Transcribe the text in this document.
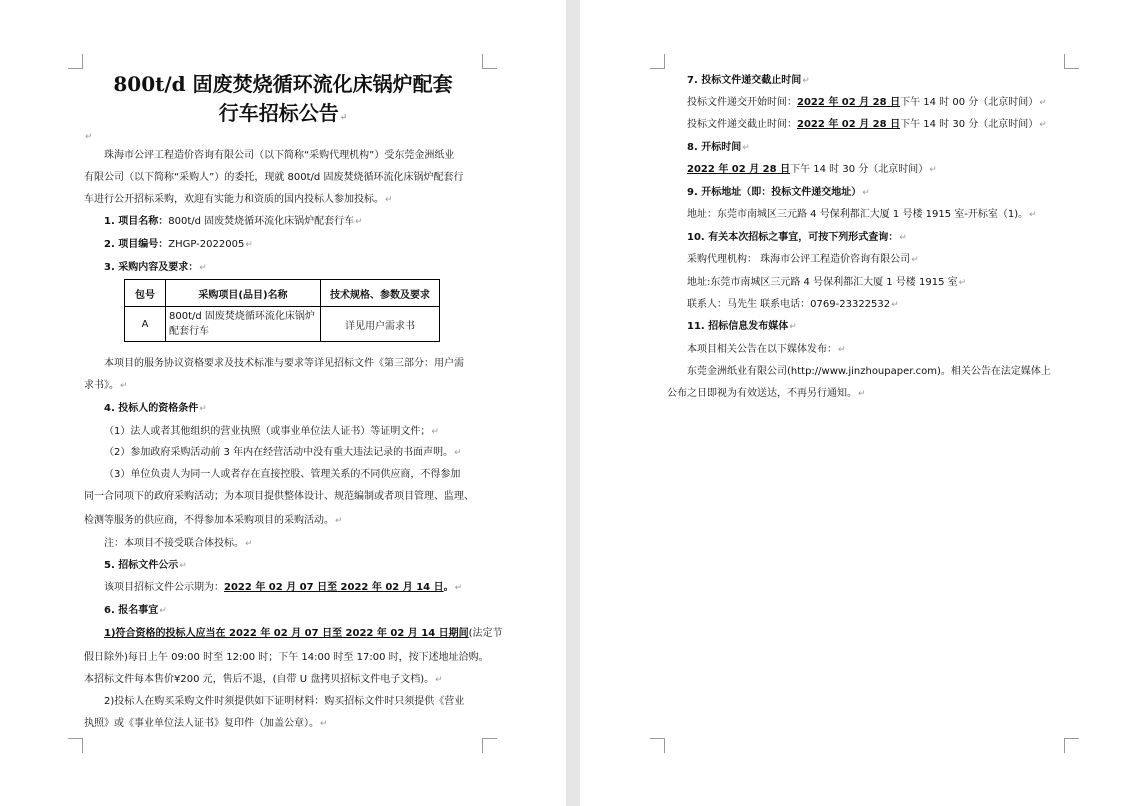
800t/d 固废焚烧循环流化床锅炉配套
行车招标公告↵
↵
珠海市公评工程造价咨询有限公司（以下简称“采购代理机构”）受东莞金洲纸业
有限公司（以下简称“采购人”）的委托，现就 800t/d 固废焚烧循环流化床锅炉配套行
车进行公开招标采购，欢迎有实能力和资质的国内投标人参加投标。↵
1. 项目名称：800t/d 固废焚烧循环流化床锅炉配套行车↵
2. 项目编号：ZHGP-2022005↵
3. 采购内容及要求：↵
包号	采购项目(品目)名称	技术规格、参数及要求
A	800t/d 固废焚烧循环流化床锅炉
配套行车	详见用户需求书
本项目的服务协议资格要求及技术标准与要求等详见招标文件《第三部分：用户需
求书》。↵
4. 投标人的资格条件↵
（1）法人或者其他组织的营业执照（或事业单位法人证书）等证明文件；↵
（2）参加政府采购活动前 3 年内在经营活动中没有重大违法记录的书面声明。↵
（3）单位负责人为同一人或者存在直接控股、管理关系的不同供应商，不得参加
同一合同项下的政府采购活动；为本项目提供整体设计、规范编制或者项目管理、监理、
检测等服务的供应商，不得参加本采购项目的采购活动。↵
注：本项目不接受联合体投标。↵
5. 招标文件公示↵
该项目招标文件公示期为：2022 年 02 月 07 日至 2022 年 02 月 14 日。↵
6. 报名事宜↵
1)符合资格的投标人应当在 2022 年 02 月 07 日至 2022 年 02 月 14 日期间(法定节
假日除外)每日上午 09:00 时至 12:00 时；下午 14:00 时至 17:00 时，按下述地址洽购。
本招标文件每本售价¥200 元，售后不退，(自带 U 盘拷贝招标文件电子文档)。↵
2)投标人在购买采购文件时须提供如下证明材料：购买招标文件时只须提供《营业
执照》或《事业单位法人证书》复印件（加盖公章）。↵
7. 投标文件递交截止时间↵
投标文件递交开始时间：2022 年 02 月 28 日下午 14 时 00 分（北京时间）↵
投标文件递交截止时间：2022 年 02 月 28 日下午 14 时 30 分（北京时间）↵
8. 开标时间↵
2022 年 02 月 28 日下午 14 时 30 分（北京时间）↵
9. 开标地址（即：投标文件递交地址）↵
地址：东莞市南城区三元路 4 号保利都汇大厦 1 号楼 1915 室-开标室（1)。↵
10. 有关本次招标之事宜，可按下列形式查询：↵
采购代理机构： 珠海市公评工程造价咨询有限公司↵
地址:东莞市南城区三元路 4 号保利都汇大厦 1 号楼 1915 室↵
联系人：马先生 联系电话：0769-23322532↵
11. 招标信息发布媒体↵
本项目相关公告在以下媒体发布：↵
东莞金洲纸业有限公司(http://www.jinzhoupaper.com)。相关公告在法定媒体上
公布之日即视为有效送达，不再另行通知。↵
